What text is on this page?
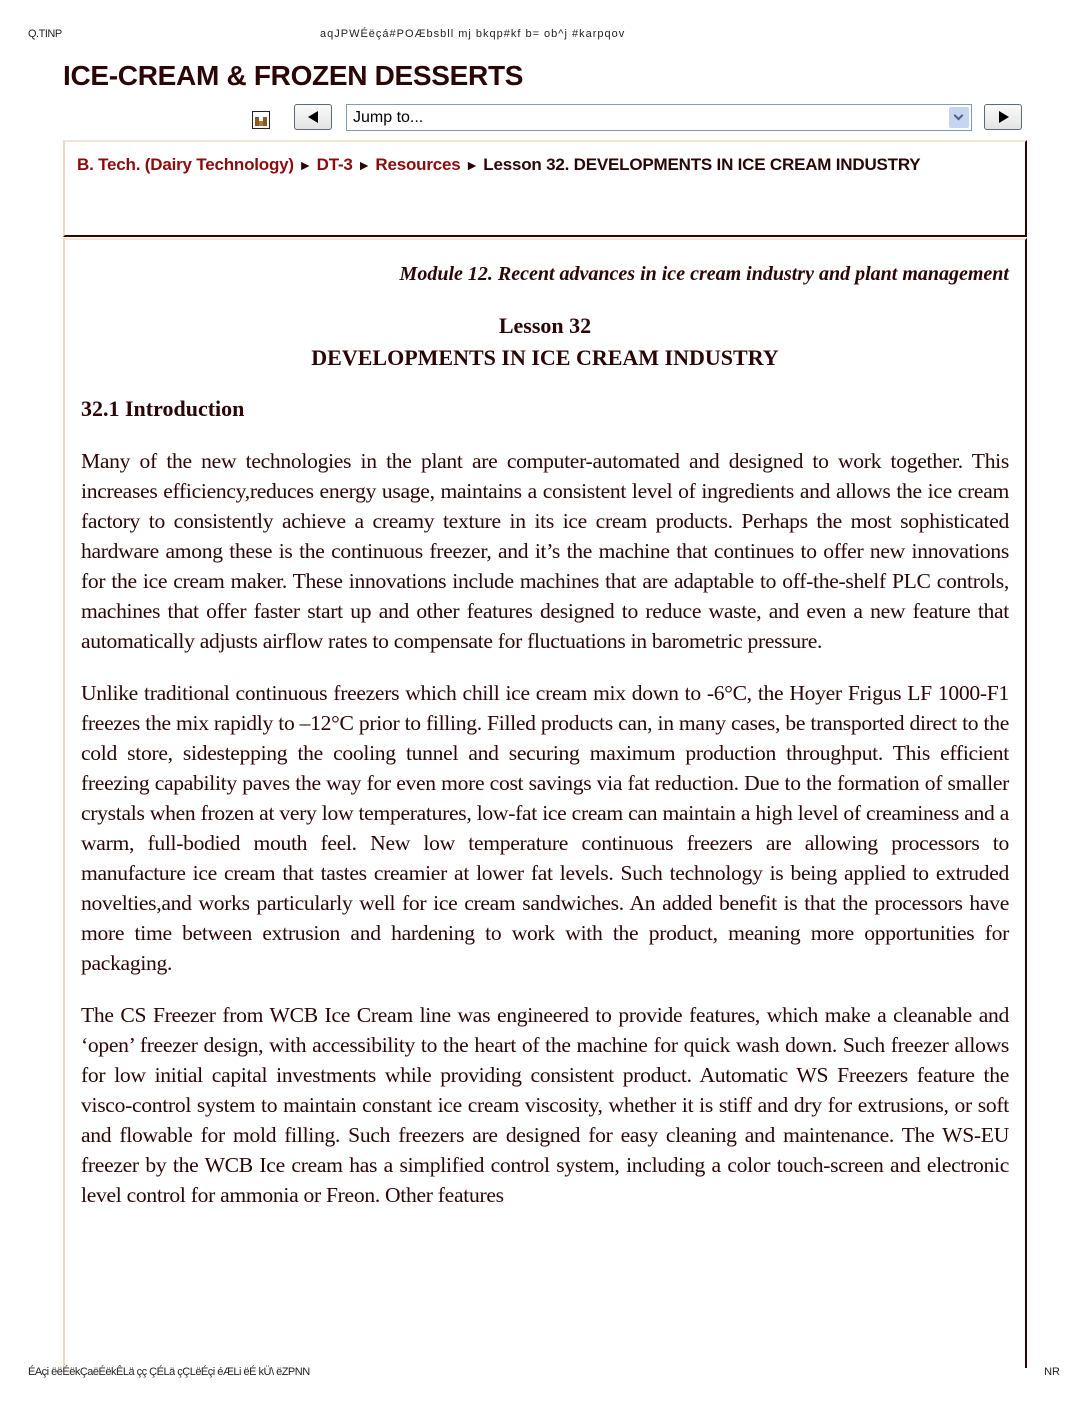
Q.TINP	aqJPWÉëçá#POÆbsbll mj bkqp#kf b= ob^j #karpqov
ICE-CREAM & FROZEN DESSERTS
Jump to...
B. Tech. (Dairy Technology) ► DT-3 ► Resources ► Lesson 32. DEVELOPMENTS IN ICE CREAM INDUSTRY

Module 12. Recent advances in ice cream industry and plant management

Lesson 32
DEVELOPMENTS IN ICE CREAM INDUSTRY
32.1 Introduction

Many of the new technologies in the plant are computer-automated and designed to work together. This increases efficiency,reduces energy usage, maintains a consistent level of ingredients and allows the ice cream factory to consistently achieve a creamy texture in its ice cream products. Perhaps the most sophisticated hardware among these is the continuous freezer, and it’s the machine that continues to offer new innovations for the ice cream maker. These innovations include machines that are adaptable to off-the-shelf PLC controls, machines that offer faster start up and other features designed to reduce waste, and even a new feature that automatically adjusts airflow rates to compensate for fluctuations in barometric pressure.

Unlike traditional continuous freezers which chill ice cream mix down to -6°C, the Hoyer Frigus LF 1000-F1 freezes the mix rapidly to –12°C prior to filling. Filled products can, in many cases, be transported direct to the cold store, sidestepping the cooling tunnel and securing maximum production throughput. This efficient freezing capability paves the way for even more cost savings via fat reduction. Due to the formation of smaller crystals when frozen at very low temperatures, low-fat ice cream can maintain a high level of creaminess and a warm, full-bodied mouth feel. New low temperature continuous freezers are allowing processors to manufacture ice cream that tastes creamier at lower fat levels. Such technology is being applied to extruded novelties,and works particularly well for ice cream sandwiches. An added benefit is that the processors have more time between extrusion and hardening to work with the product, meaning more opportunities for packaging.

The CS Freezer from WCB Ice Cream line was engineered to provide features, which make a cleanable and ‘open’ freezer design, with accessibility to the heart of the machine for quick wash down. Such freezer allows for low initial capital investments while providing consistent product. Automatic WS Freezers feature the visco-control system to maintain constant ice cream viscosity, whether it is stiff and dry for extrusions, or soft and flowable for mold filling. Such freezers are designed for easy cleaning and maintenance. The WS-EU freezer by the WCB Ice cream has a simplified control system, including a color touch-screen and electronic level control for ammonia or Freon. Other features

ÉAçi ëëÉëkÇaëÉëkÊLä çç ÇÉLä çÇLëÉçi éÆLi ëÉ kÜ\ ëZPNN	NR
